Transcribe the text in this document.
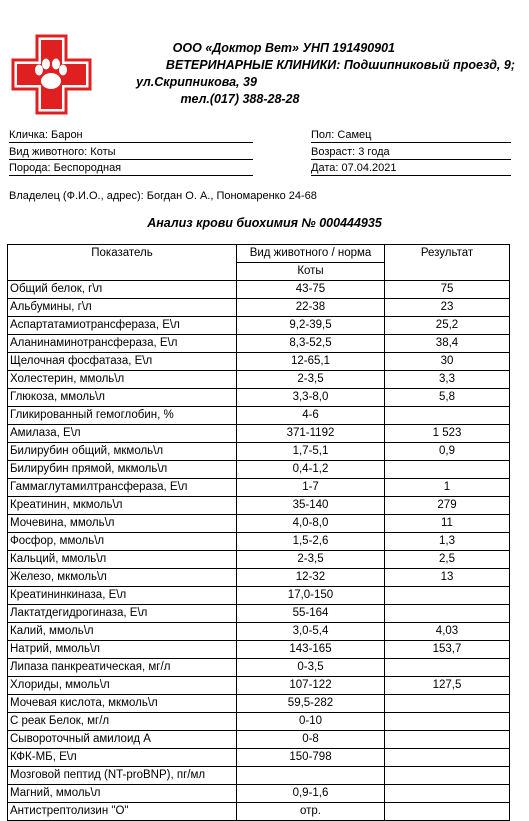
ООО «Доктор Вет» УНП 191490901
ВЕТЕРИНАРНЫЕ КЛИНИКИ: Подшипниковый проезд, 9;
ул.Скрипникова, 39
тел.(017) 388-28-28
Кличка: Барон
Вид животного: Коты
Порода: Беспородная
Пол: Самец
Возраст: 3 года
Дата: 07.04.2021
Владелец (Ф.И.О., адрес): Богдан О. А., Пономаренко 24-68
Анализ крови биохимия № 000444935
Показатель	Вид животного / норма	Результат
	Коты	
Общий белок, г\л	43-75	75
Альбумины, г\л	22-38	23
Аспартатамиотрансфераза, Е\л	9,2-39,5	25,2
Аланинаминотрансфераза, Е\л	8,3-52,5	38,4
Щелочная фосфатаза, Е\л	12-65,1	30
Холестерин, ммоль\л	2-3,5	3,3
Глюкоза, ммоль\л	3,3-8,0	5,8
Гликированный гемоглобин, %	4-6	
Амилаза, Е\л	371-1192	1 523
Билирубин общий, мкмоль\л	1,7-5,1	0,9
Билирубин прямой, мкмоль\л	0,4-1,2	
Гаммаглутамилтрансфераза, Е\л	1-7	1
Креатинин, мкмоль\л	35-140	279
Мочевина, ммоль\л	4,0-8,0	11
Фосфор, ммоль\л	1,5-2,6	1,3
Кальций, ммоль\л	2-3,5	2,5
Железо, мкмоль\л	12-32	13
Креатининкиназа, Е\л	17,0-150	
Лактатдегидрогиназа, Е\л	55-164	
Калий, ммоль\л	3,0-5,4	4,03
Натрий, ммоль\л	143-165	153,7
Липаза панкреатическая, мг/л	0-3,5	
Хлориды, ммоль\л	107-122	127,5
Мочевая кислота, мкмоль\л	59,5-282	
С реак Белок, мг/л	0-10	
Сывороточный амилоид А	0-8	
КФК-МБ, Е\л	150-798	
Мозговой пептид (NT-proBNP), пг/мл		
Магний, ммоль\л	0,9-1,6	
Антистрептолизин "О"	отр.	
